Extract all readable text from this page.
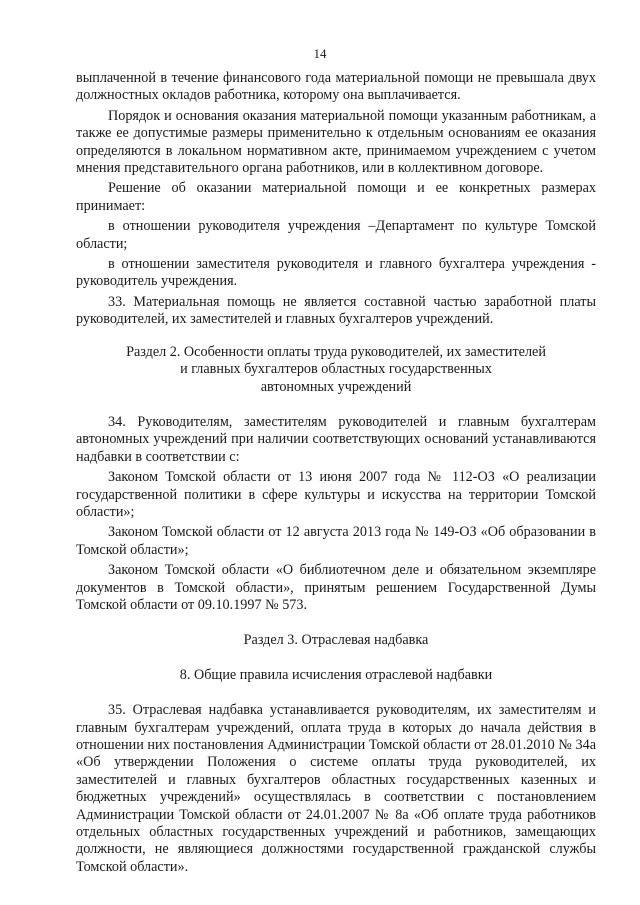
14

выплаченной в течение финансового года материальной помощи не превышала двух должностных окладов работника, которому она выплачивается.

Порядок и основания оказания материальной помощи указанным работникам, а также ее допустимые размеры применительно к отдельным основаниям ее оказания определяются в локальном нормативном акте, принимаемом учреждением с учетом мнения представительного органа работников, или в коллективном договоре.

Решение об оказании материальной помощи и ее конкретных размерах принимает:

в отношении руководителя учреждения –Департамент по культуре Томской области;

в отношении заместителя руководителя и главного бухгалтера учреждения - руководитель учреждения.

33. Материальная помощь не является составной частью заработной платы руководителей, их заместителей и главных бухгалтеров учреждений.

Раздел 2. Особенности оплаты труда руководителей, их заместителей

и главных бухгалтеров областных государственных

автономных учреждений

34. Руководителям, заместителям руководителей и главным бухгалтерам автономных учреждений при наличии соответствующих оснований устанавливаются надбавки в соответствии с:

Законом Томской области от 13 июня 2007 года № 112-ОЗ «О реализации государственной политики в сфере культуры и искусства на территории Томской области»;

Законом Томской области от 12 августа 2013 года № 149-ОЗ «Об образовании в Томской области»;

Законом Томской области «О библиотечном деле и обязательном экземпляре документов в Томской области», принятым решением Государственной Думы Томской области от 09.10.1997 № 573.

Раздел 3. Отраслевая надбавка

8. Общие правила исчисления отраслевой надбавки

35. Отраслевая надбавка устанавливается руководителям, их заместителям и главным бухгалтерам учреждений, оплата труда в которых до начала действия в отношении них постановления Администрации Томской области от 28.01.2010 № 34а «Об утверждении Положения о системе оплаты труда руководителей, их заместителей и главных бухгалтеров областных государственных казенных и бюджетных учреждений» осуществлялась в соответствии с постановлением Администрации Томской области от 24.01.2007 № 8а «Об оплате труда работников отдельных областных государственных учреждений и работников, замещающих должности, не являющиеся должностями государственной гражданской службы Томской области».
